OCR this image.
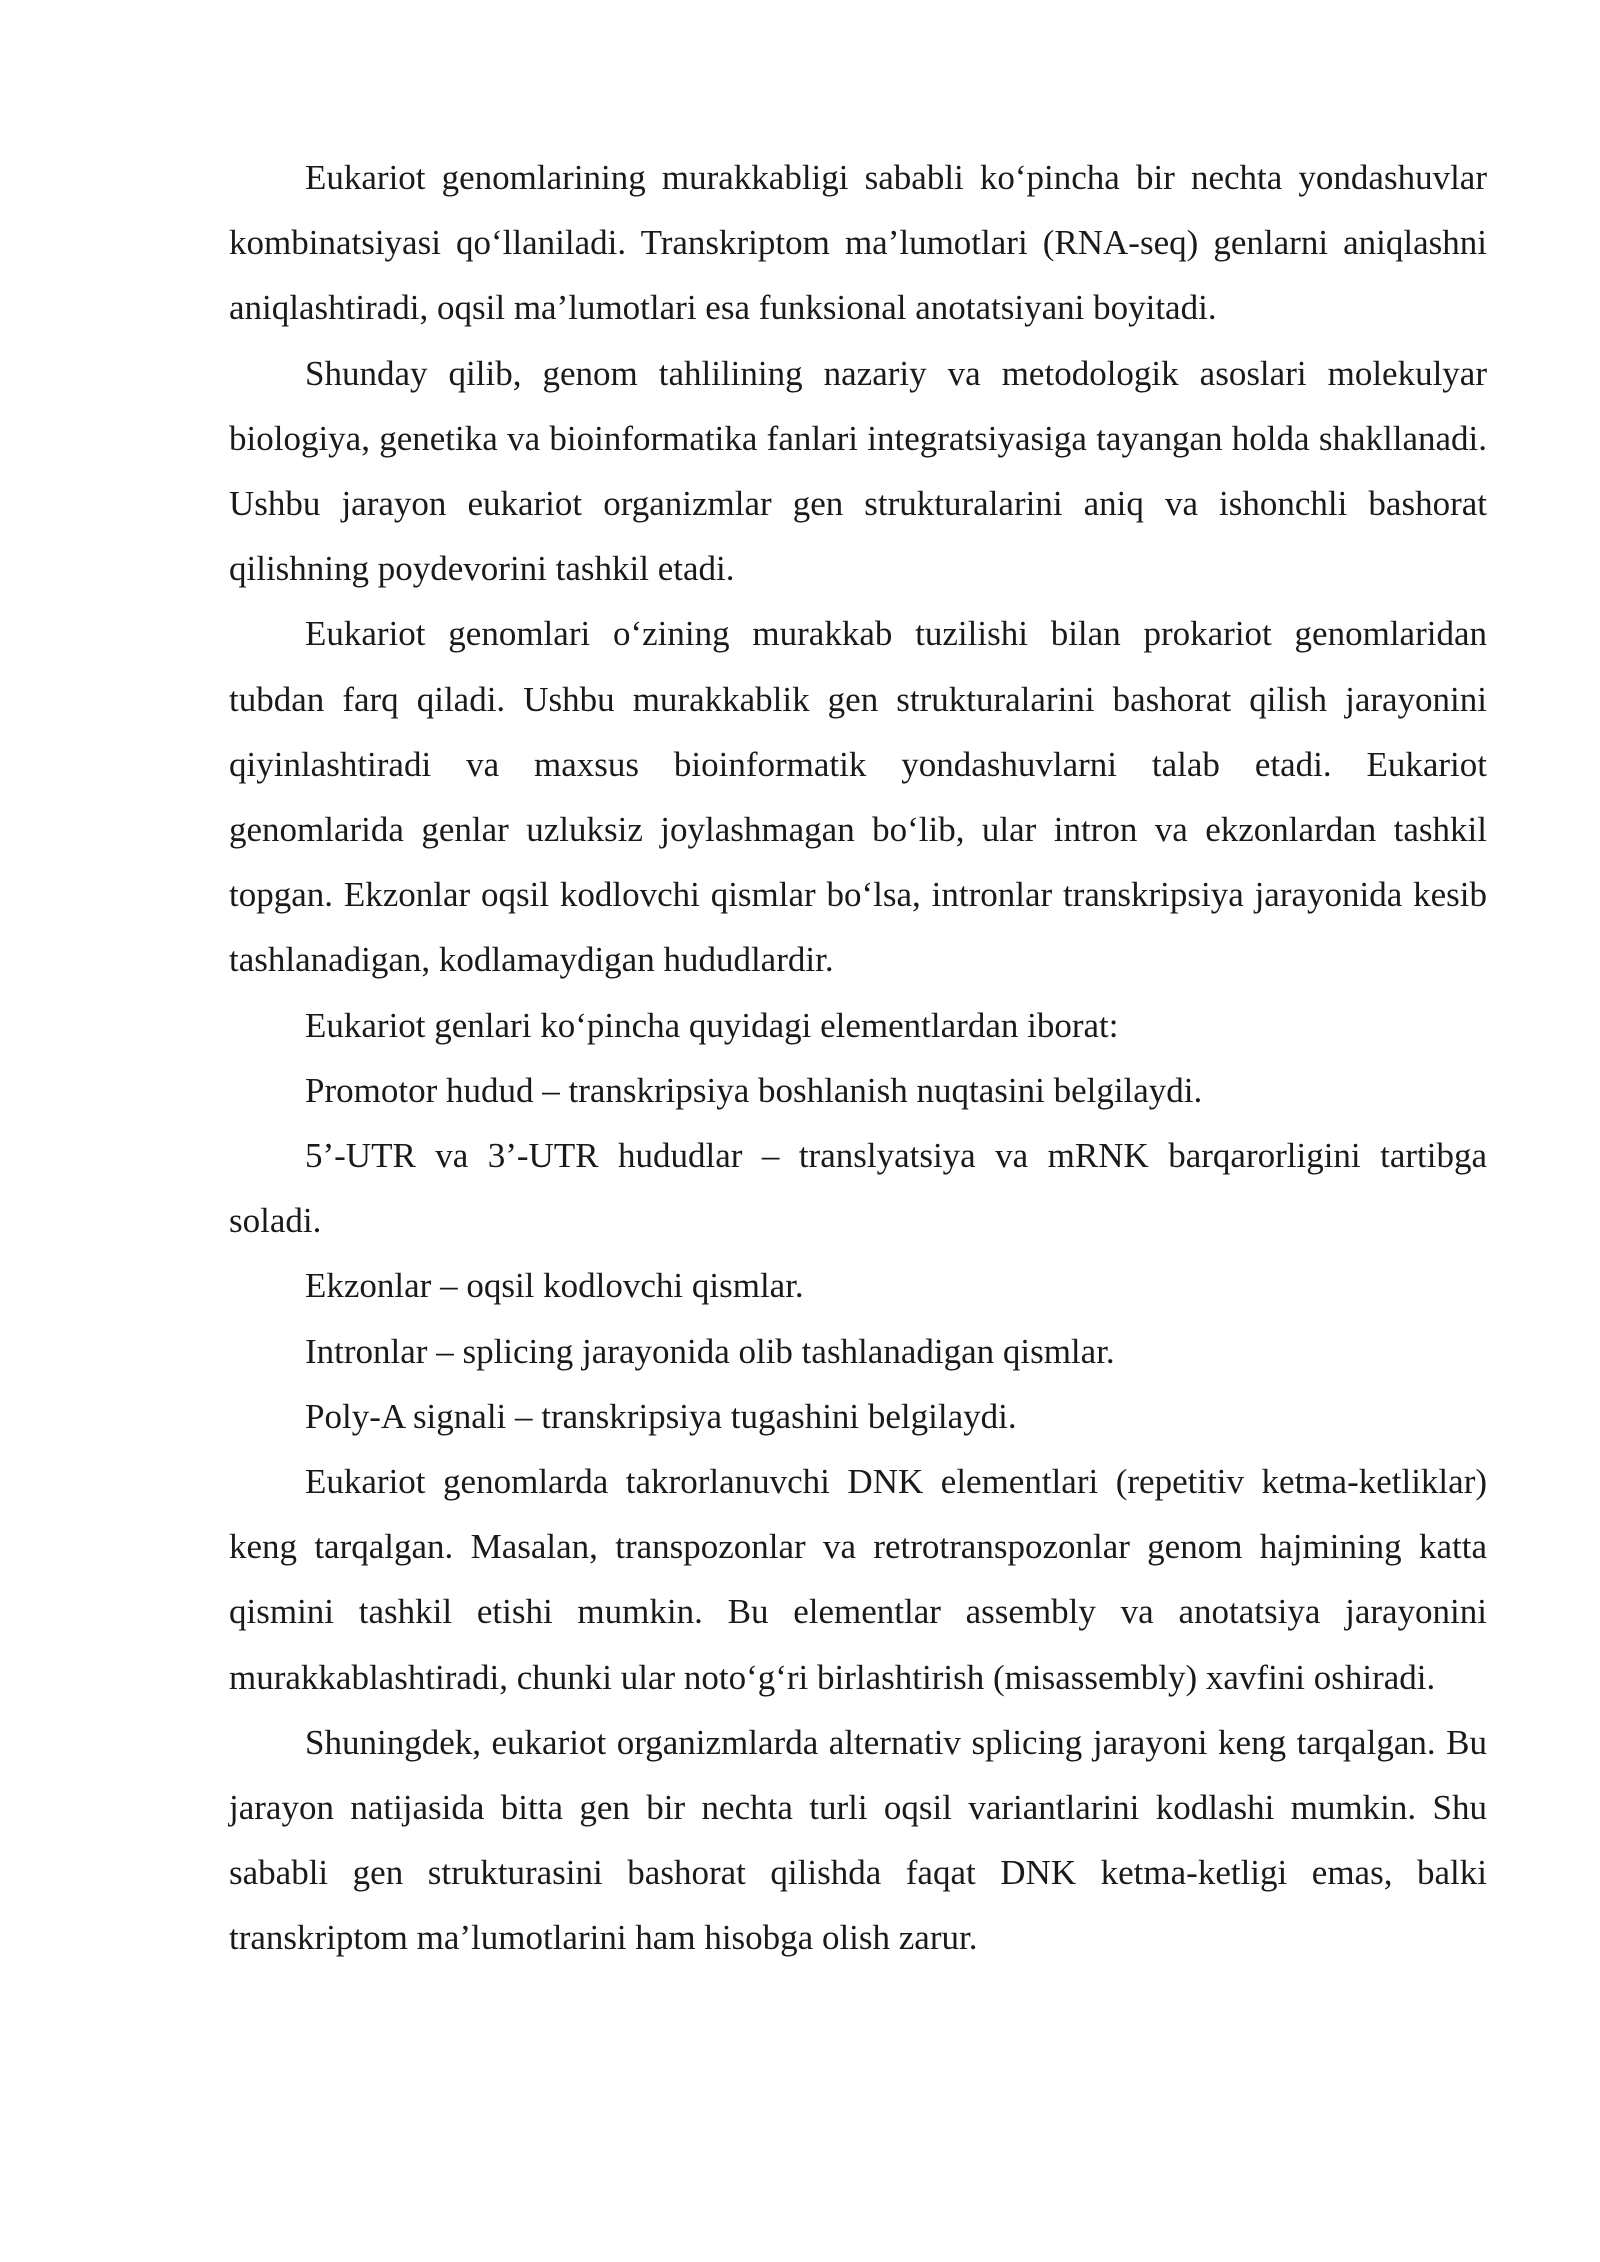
Eukariot genomlarining murakkabligi sababli ko‘pincha bir nechta yondashuvlar kombinatsiyasi qo‘llaniladi. Transkriptom ma’lumotlari (RNA-seq) genlarni aniqlashni aniqlashtiradi, oqsil ma’lumotlari esa funksional anotatsiyani boyitadi.

Shunday qilib, genom tahlilining nazariy va metodologik asoslari molekulyar biologiya, genetika va bioinformatika fanlari integratsiyasiga tayangan holda shakllanadi. Ushbu jarayon eukariot organizmlar gen strukturalarini aniq va ishonchli bashorat qilishning poydevorini tashkil etadi.

Eukariot genomlari o‘zining murakkab tuzilishi bilan prokariot genomlaridan tubdan farq qiladi. Ushbu murakkablik gen strukturalarini bashorat qilish jarayonini qiyinlashtiradi va maxsus bioinformatik yondashuvlarni talab etadi. Eukariot genomlarida genlar uzluksiz joylashmagan bo‘lib, ular intron va ekzonlardan tashkil topgan. Ekzonlar oqsil kodlovchi qismlar bo‘lsa, intronlar transkripsiya jarayonida kesib tashlanadigan, kodlamaydigan hududlardir.

Eukariot genlari ko‘pincha quyidagi elementlardan iborat:

Promotor hudud – transkripsiya boshlanish nuqtasini belgilaydi.

5’-UTR va 3’-UTR hududlar – translyatsiya va mRNK barqarorligini tartibga soladi.

Ekzonlar – oqsil kodlovchi qismlar.

Intronlar – splicing jarayonida olib tashlanadigan qismlar.

Poly-A signali – transkripsiya tugashini belgilaydi.

Eukariot genomlarda takrorlanuvchi DNK elementlari (repetitiv ketma-ketliklar) keng tarqalgan. Masalan, transpozonlar va retrotranspozonlar genom hajmining katta qismini tashkil etishi mumkin. Bu elementlar assembly va anotatsiya jarayonini murakkablashtiradi, chunki ular noto‘g‘ri birlashtirish (misassembly) xavfini oshiradi.

Shuningdek, eukariot organizmlarda alternativ splicing jarayoni keng tarqalgan. Bu jarayon natijasida bitta gen bir nechta turli oqsil variantlarini kodlashi mumkin. Shu sababli gen strukturasini bashorat qilishda faqat DNK ketma-ketligi emas, balki transkriptom ma’lumotlarini ham hisobga olish zarur.
